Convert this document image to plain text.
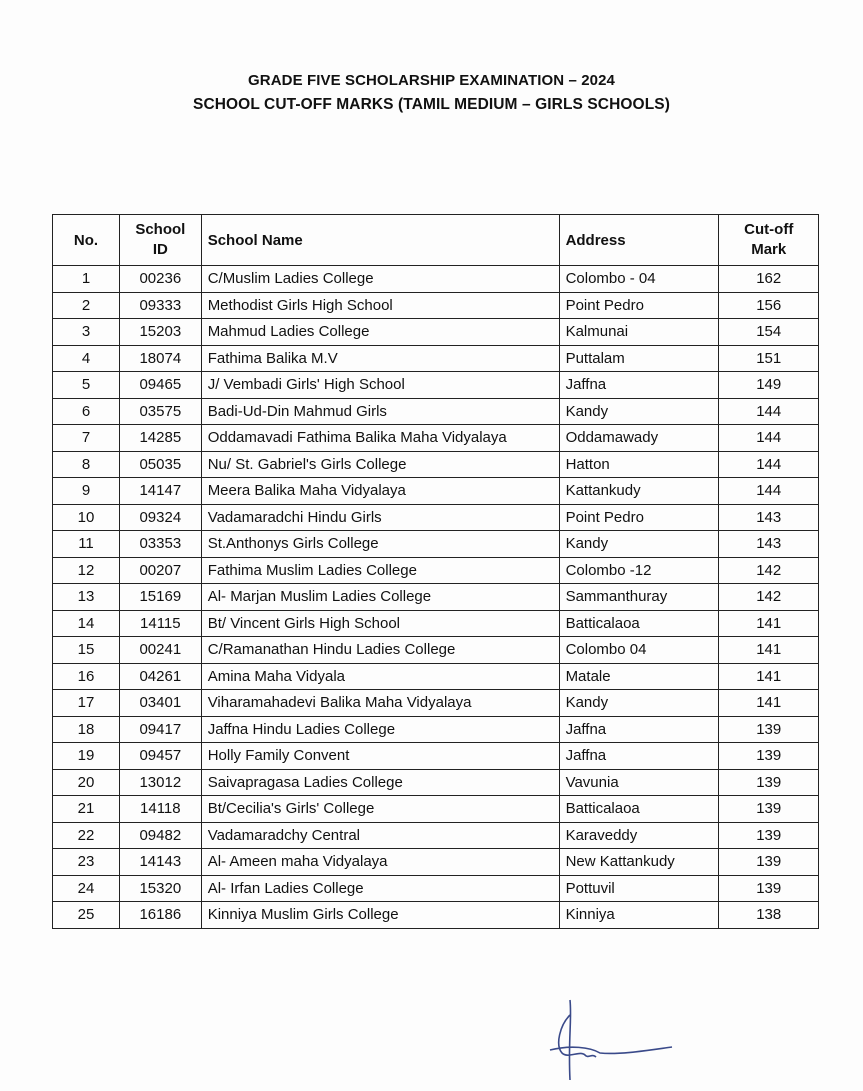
GRADE FIVE SCHOLARSHIP EXAMINATION – 2024
SCHOOL CUT-OFF MARKS (TAMIL MEDIUM – GIRLS SCHOOLS)
No.	School ID	School Name	Address	Cut-off Mark
1	00236	C/Muslim Ladies College	Colombo - 04	162
2	09333	Methodist Girls High School	Point Pedro	156
3	15203	Mahmud Ladies College	Kalmunai	154
4	18074	Fathima Balika M.V	Puttalam	151
5	09465	J/ Vembadi Girls' High School	Jaffna	149
6	03575	Badi-Ud-Din Mahmud Girls	Kandy	144
7	14285	Oddamavadi Fathima Balika Maha Vidyalaya	Oddamawady	144
8	05035	Nu/ St. Gabriel's Girls College	Hatton	144
9	14147	Meera Balika Maha Vidyalaya	Kattankudy	144
10	09324	Vadamaradchi Hindu Girls	Point Pedro	143
11	03353	St.Anthonys Girls College	Kandy	143
12	00207	Fathima Muslim Ladies College	Colombo -12	142
13	15169	Al- Marjan Muslim Ladies College	Sammanthuray	142
14	14115	Bt/ Vincent Girls High School	Batticalaoa	141
15	00241	C/Ramanathan Hindu Ladies College	Colombo 04	141
16	04261	Amina Maha Vidyala	Matale	141
17	03401	Viharamahadevi Balika Maha Vidyalaya	Kandy	141
18	09417	Jaffna Hindu Ladies College	Jaffna	139
19	09457	Holly Family Convent	Jaffna	139
20	13012	Saivapragasa Ladies College	Vavunia	139
21	14118	Bt/Cecilia's Girls' College	Batticalaoa	139
22	09482	Vadamaradchy Central	Karaveddy	139
23	14143	Al- Ameen maha Vidyalaya	New Kattankudy	139
24	15320	Al- Irfan Ladies College	Pottuvil	139
25	16186	Kinniya Muslim Girls College	Kinniya	138
